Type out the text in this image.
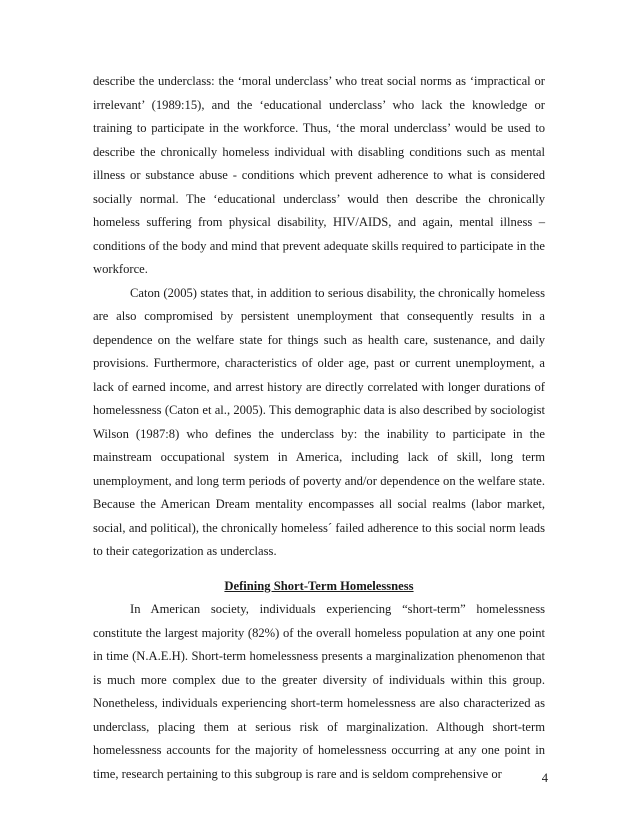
describe the underclass: the ‘moral underclass’ who treat social norms as ‘impractical or irrelevant’ (1989:15), and the ‘educational underclass’ who lack the knowledge or training to participate in the workforce. Thus, ‘the moral underclass’ would be used to describe the chronically homeless individual with disabling conditions such as mental illness or substance abuse - conditions which prevent adherence to what is considered socially normal. The ‘educational underclass’ would then describe the chronically homeless suffering from physical disability, HIV/AIDS, and again, mental illness – conditions of the body and mind that prevent adequate skills required to participate in the workforce.

Caton (2005) states that, in addition to serious disability, the chronically homeless are also compromised by persistent unemployment that consequently results in a dependence on the welfare state for things such as health care, sustenance, and daily provisions. Furthermore, characteristics of older age, past or current unemployment, a lack of earned income, and arrest history are directly correlated with longer durations of homelessness (Caton et al., 2005). This demographic data is also described by sociologist Wilson (1987:8) who defines the underclass by: the inability to participate in the mainstream occupational system in America, including lack of skill, long term unemployment, and long term periods of poverty and/or dependence on the welfare state. Because the American Dream mentality encompasses all social realms (labor market, social, and political), the chronically homeless´ failed adherence to this social norm leads to their categorization as underclass.

Defining Short-Term Homelessness

In American society, individuals experiencing “short-term” homelessness constitute the largest majority (82%) of the overall homeless population at any one point in time (N.A.E.H). Short-term homelessness presents a marginalization phenomenon that is much more complex due to the greater diversity of individuals within this group. Nonetheless, individuals experiencing short-term homelessness are also characterized as underclass, placing them at serious risk of marginalization. Although short-term homelessness accounts for the majority of homelessness occurring at any one point in time, research pertaining to this subgroup is rare and is seldom comprehensive or	4
